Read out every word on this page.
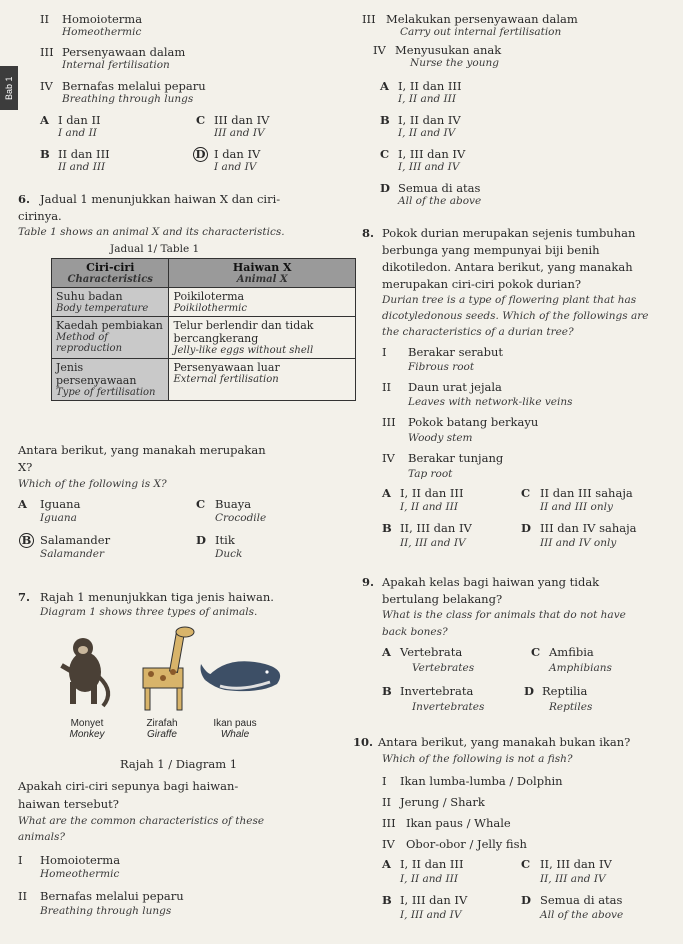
Bab 1
II Homoioterma
Homeothermic
III Persenyawaan dalam
Internal fertilisation
IV Bernafas melalui peparu
Breathing through lungs
A I dan II
I and II
C III dan IV
III and IV
B II dan III
II and III
D I dan IV
I and IV
III Melakukan persenyawaan dalam
Carry out internal fertilisation
IV Menyusukan anak
Nurse the young
A I, II dan III
I, II and III
B I, II dan IV
I, II and IV
C I, III dan IV
I, III and IV
D Semua di atas
All of the above
6. Jadual 1 menunjukkan haiwan X dan ciri-
cirinya.
Table 1 shows an animal X and its characteristics.
Jadual 1/ Table 1
Ciri-ciri
Characteristics	Haiwan X
Animal X

Suhu badan
Body temperature	Poikiloterma
Poikilothermic

Kaedah pembiakan
Method of reproduction	Telur berlendir dan tidak bercangkerang
Jelly-like eggs without shell

Jenis persenyawaan
Type of fertilisation	Persenyawaan luar
External fertilisation
Antara berikut, yang manakah merupakan
X?
Which of the following is X?
A Iguana
Iguana
C Buaya
Crocodile
B Salamander
Salamander
D Itik
Duck
7. Rajah 1 menunjukkan tiga jenis haiwan.
Diagram 1 shows three types of animals.
Monyet
Monkey
Zirafah
Giraffe
Ikan paus
Whale
Rajah 1 / Diagram 1
Apakah ciri-ciri sepunya bagi haiwan-
haiwan tersebut?
What are the common characteristics of these
animals?
I Homoioterma
Homeothermic
II Bernafas melalui peparu
Breathing through lungs
8. Pokok durian merupakan sejenis tumbuhan
berbunga yang mempunyai biji benih
dikotiledon. Antara berikut, yang manakah
merupakan ciri-ciri pokok durian?
Durian tree is a type of flowering plant that has
dicotyledonous seeds. Which of the followings are
the characteristics of a durian tree?
I Berakar serabut
Fibrous root
II Daun urat jejala
Leaves with network-like veins
III Pokok batang berkayu
Woody stem
IV Berakar tunjang
Tap root
A I, II dan III
I, II and III
C II dan III sahaja
II and III only
B II, III dan IV
II, III and IV
D III dan IV sahaja
III and IV only
9. Apakah kelas bagi haiwan yang tidak
bertulang belakang?
What is the class for animals that do not have
back bones?
A Vertebrata
Vertebrates
C Amfibia
Amphibians
B Invertebrata
Invertebrates
D Reptilia
Reptiles
10. Antara berikut, yang manakah bukan ikan?
Which of the following is not a fish?
I Ikan lumba-lumba / Dolphin
II Jerung / Shark
III Ikan paus / Whale
IV Obor-obor / Jelly fish
A I, II dan III
I, II and III
C II, III dan IV
II, III and IV
B I, III dan IV
I, III and IV
D Semua di atas
All of the above
